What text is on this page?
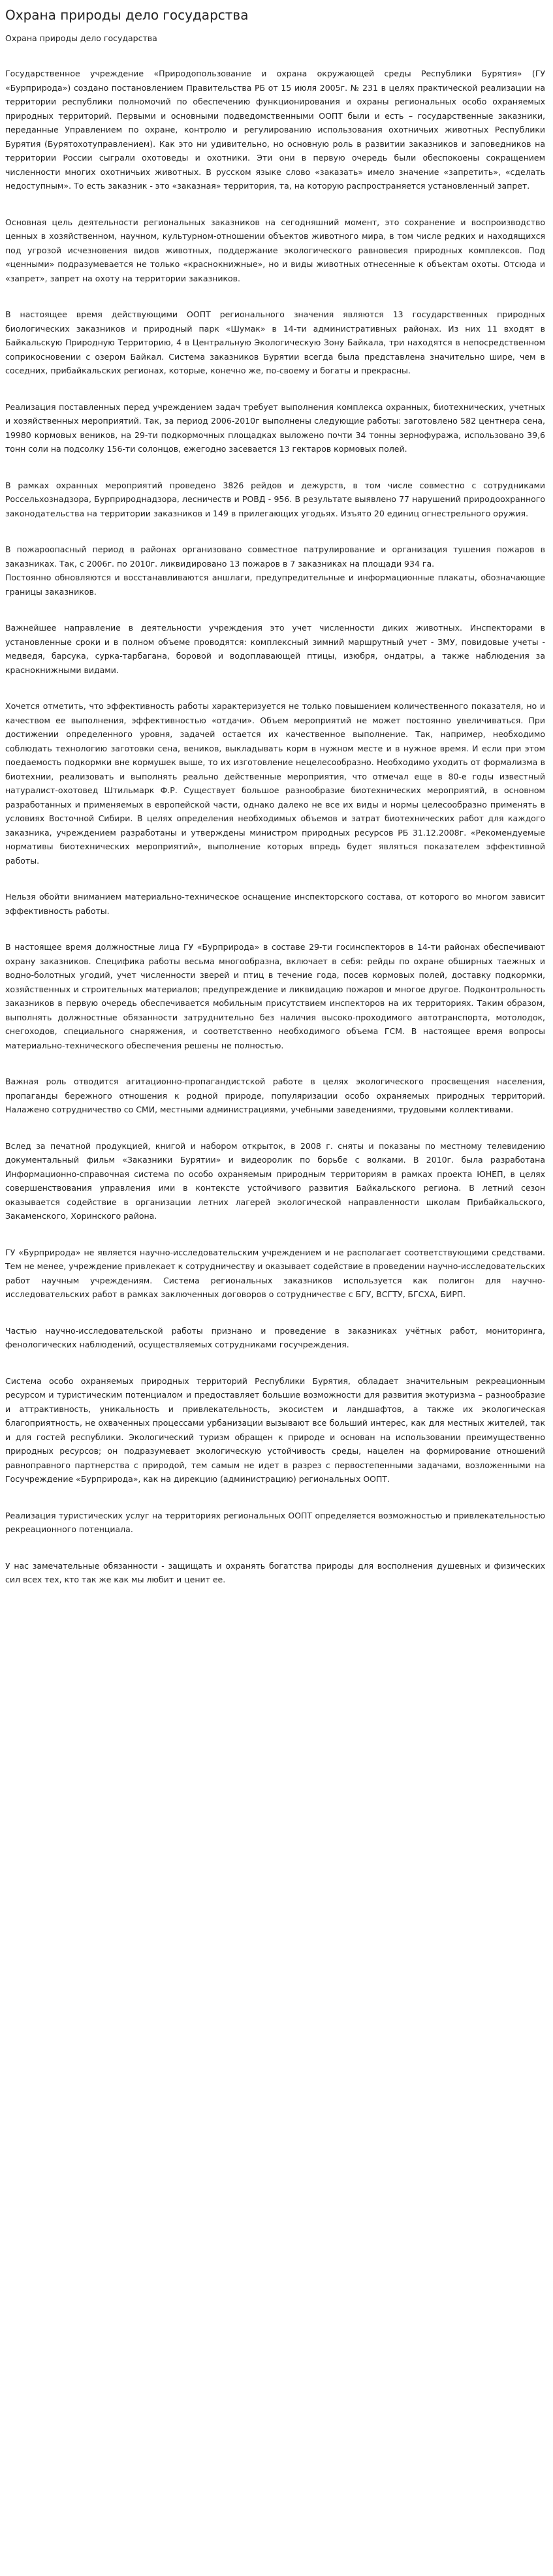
Охрана природы дело государства

Охрана природы дело государства

Государственное учреждение «Природопользование и охрана окружающей среды Республики Бурятия» (ГУ «Бурприрода») создано постановлением Правительства РБ от 15 июля 2005г. № 231 в целях практической реализации на территории республики полномочий по обеспечению функционирования и охраны региональных особо охраняемых природных территорий. Первыми и основными подведомственными ООПТ были и есть – государственные заказники, переданные Управлением по охране, контролю и регулированию использования охотничьих животных Республики Бурятия (Бурятохотуправлением). Как это ни удивительно, но основную роль в развитии заказников и заповедников на территории России сыграли охотоведы и охотники. Эти они в первую очередь были обеспокоены сокращением численности многих охотничьих животных. В русском языке слово «заказать» имело значение «запретить», «сделать недоступным». То есть заказник - это «заказная» территория, та, на которую распространяется установленный запрет.

Основная цель деятельности региональных заказников на сегодняшний момент, это сохранение и воспроизводство ценных в хозяйственном, научном, культурном-отношении объектов животного мира, в том числе редких и находящихся под угрозой исчезновения видов животных, поддержание экологического равновесия природных комплексов. Под «ценными» подразумевается не только «краснокнижные», но и виды животных отнесенные к объектам охоты. Отсюда и «запрет», запрет на охоту на территории заказников.

В настоящее время действующими ООПТ регионального значения являются 13 государственных природных биологических заказников и природный парк «Шумак» в 14-ти административных районах. Из них 11 входят в Байкальскую Природную Территорию, 4 в Центральную Экологическую Зону Байкала, три находятся в непосредственном соприкосновении с озером Байкал. Система заказников Бурятии всегда была представлена значительно шире, чем в соседних, прибайкальских регионах, которые, конечно же, по-своему и богаты и прекрасны.

Реализация поставленных перед учреждением задач требует выполнения комплекса охранных, биотехнических, учетных и хозяйственных мероприятий. Так, за период 2006-2010г выполнены следующие работы: заготовлено 582 центнера сена, 19980 кормовых веников, на 29-ти подкормочных площадках выложено почти 34 тонны зернофуража, использовано 39,6 тонн соли на подсолку 156-ти солонцов, ежегодно засевается 13 гектаров кормовых полей.

В рамках охранных мероприятий проведено 3826 рейдов и дежурств, в том числе совместно с сотрудниками Россельхознадзора, Бурприроднадзора, лесничеств и РОВД - 956. В результате выявлено 77 нарушений природоохранного законодательства на территории заказников и 149 в прилегающих угодьях. Изъято 20 единиц огнестрельного оружия.

В пожароопасный период в районах организовано совместное патрулирование и организация тушения пожаров в заказниках. Так, с 2006г. по 2010г. ликвидировано 13 пожаров в 7 заказниках на площади 934 га.
Постоянно обновляются и восстанавливаются аншлаги, предупредительные и информационные плакаты, обозначающие границы заказников.

Важнейшее направление в деятельности учреждения это учет численности диких животных. Инспекторами в установленные сроки и в полном объеме проводятся: комплексный зимний маршрутный учет - ЗМУ, повидовые учеты - медведя, барсука, сурка-тарбагана, боровой и водоплавающей птицы, изюбря, ондатры, а также наблюдения за краснокнижными видами.

Хочется отметить, что эффективность работы характеризуется не только повышением количественного показателя, но и качеством ее выполнения, эффективностью «отдачи». Объем мероприятий не может постоянно увеличиваться. При достижении определенного уровня, задачей остается их качественное выполнение. Так, например, необходимо соблюдать технологию заготовки сена, веников, выкладывать корм в нужном месте и в нужное время. И если при этом поедаемость подкормки вне кормушек выше, то их изготовление нецелесообразно. Необходимо уходить от формализма в биотехнии, реализовать и выполнять реально действенные мероприятия, что отмечал еще в 80-е годы известный натуралист-охотовед Штильмарк Ф.Р. Существует большое разнообразие биотехнических мероприятий, в основном разработанных и применяемых в европейской части, однако далеко не все их виды и нормы целесообразно применять в условиях Восточной Сибири. В целях определения необходимых объемов и затрат биотехнических работ для каждого заказника, учреждением разработаны и утверждены министром природных ресурсов РБ 31.12.2008г. «Рекомендуемые нормативы биотехнических мероприятий», выполнение которых впредь будет являться показателем эффективной работы.

Нельзя обойти вниманием материально-техническое оснащение инспекторского состава, от которого во многом зависит эффективность работы.

В настоящее время должностные лица ГУ «Бурприрода» в составе 29-ти госинспекторов в 14-ти районах обеспечивают охрану заказников. Специфика работы весьма многообразна, включает в себя: рейды по охране обширных таежных и водно-болотных угодий, учет численности зверей и птиц в течение года, посев кормовых полей, доставку подкормки, хозяйственных и строительных материалов; предупреждение и ликвидацию пожаров и многое другое. Подконтрольность заказников в первую очередь обеспечивается мобильным присутствием инспекторов на их территориях. Таким образом, выполнять должностные обязанности затруднительно без наличия высоко-проходимого автотранспорта, мотолодок, снегоходов, специального снаряжения, и соответственно необходимого объема ГСМ. В настоящее время вопросы материально-технического обеспечения решены не полностью.

Важная роль отводится агитационно-пропагандистской работе в целях экологического просвещения населения, пропаганды бережного отношения к родной природе, популяризации особо охраняемых природных территорий. Налажено сотрудничество со СМИ, местными администрациями, учебными заведениями, трудовыми коллективами.

Вслед за печатной продукцией, книгой и набором открыток, в 2008 г. сняты и показаны по местному телевидению документальный фильм «Заказники Бурятии» и видеоролик по борьбе с волками. В 2010г. была разработана Информационно-справочная система по особо охраняемым природным территориям в рамках проекта ЮНЕП, в целях совершенствования управления ими в контексте устойчивого развития Байкальского региона. В летний сезон оказывается содействие в организации летних лагерей экологической направленности школам Прибайкальского, Закаменского, Хоринского района.

ГУ «Бурприрода» не является научно-исследовательским учреждением и не располагает соответствующими средствами. Тем не менее, учреждение привлекает к сотрудничеству и оказывает содействие в проведении научно-исследовательских работ научным учреждениям. Система региональных заказников используется как полигон для научно-исследовательских работ в рамках заключенных договоров о сотрудничестве с БГУ, ВСГТУ, БГСХА, БИРП.

Частью научно-исследовательской работы признано и проведение в заказниках учётных работ, мониторинга, фенологических наблюдений, осуществляемых сотрудниками госучреждения.

Система особо охраняемых природных территорий Республики Бурятия, обладает значительным рекреационным ресурсом и туристическим потенциалом и предоставляет большие возможности для развития экотуризма – разнообразие и аттрактивность, уникальность и привлекательность, экосистем и ландшафтов, а также их экологическая благоприятность, не охваченных процессами урбанизации вызывают все больший интерес, как для местных жителей, так и для гостей республики. Экологический туризм обращен к природе и основан на использовании преимущественно природных ресурсов; он подразумевает экологическую устойчивость среды, нацелен на формирование отношений равноправного партнерства с природой, тем самым не идет в разрез с первостепенными задачами, возложенными на Госучреждение «Бурприрода», как на дирекцию (администрацию) региональных ООПТ.

Реализация туристических услуг на территориях региональных ООПТ определяется возможностью и привлекательностью рекреационного потенциала.

У нас замечательные обязанности - защищать и охранять богатства природы для восполнения душевных и физических сил всех тех, кто так же как мы любит и ценит ее.
